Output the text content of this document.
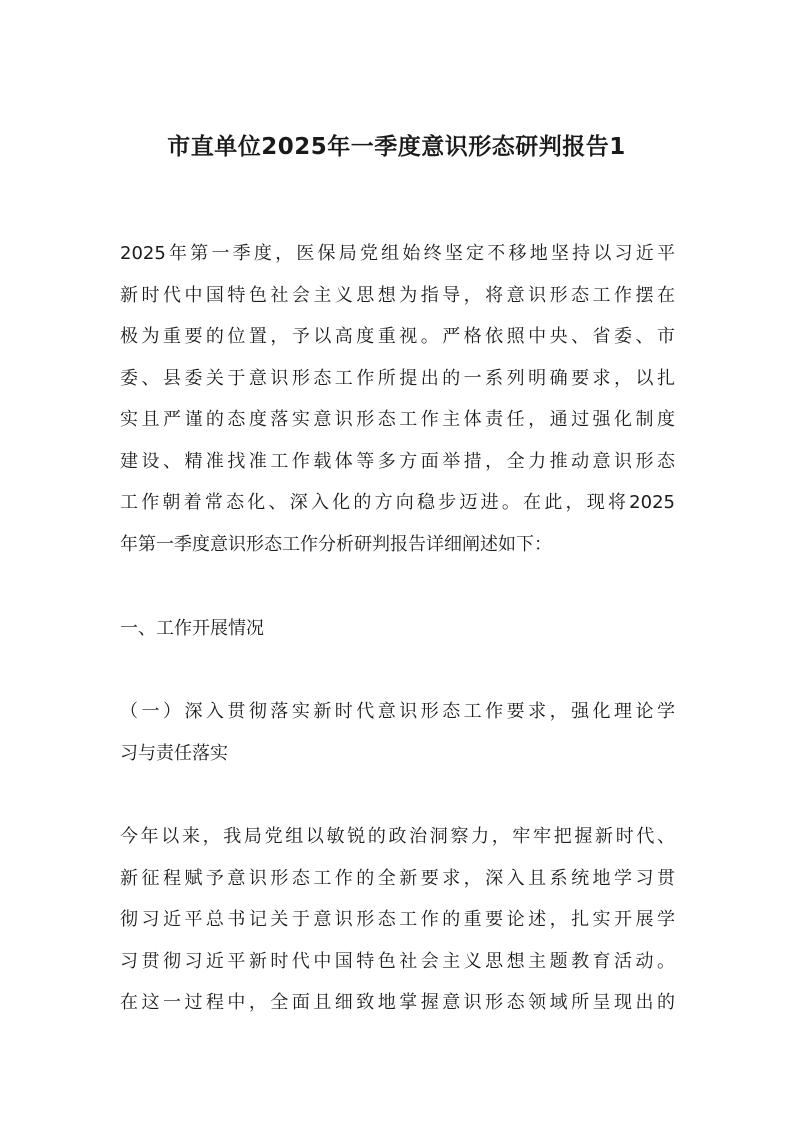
市直单位2025年一季度意识形态研判报告1
2025年第一季度，医保局党组始终坚定不移地坚持以习近平
新时代中国特色社会主义思想为指导，将意识形态工作摆在
极为重要的位置，予以高度重视。严格依照中央、省委、市
委、县委关于意识形态工作所提出的一系列明确要求，以扎
实且严谨的态度落实意识形态工作主体责任，通过强化制度
建设、精准找准工作载体等多方面举措，全力推动意识形态
工作朝着常态化、深入化的方向稳步迈进。在此，现将2025
年第一季度意识形态工作分析研判报告详细阐述如下：
一、工作开展情况
（一）深入贯彻落实新时代意识形态工作要求，强化理论学
习与责任落实
今年以来，我局党组以敏锐的政治洞察力，牢牢把握新时代、
新征程赋予意识形态工作的全新要求，深入且系统地学习贯
彻习近平总书记关于意识形态工作的重要论述，扎实开展学
习贯彻习近平新时代中国特色社会主义思想主题教育活动。
在这一过程中，全面且细致地掌握意识形态领域所呈现出的
